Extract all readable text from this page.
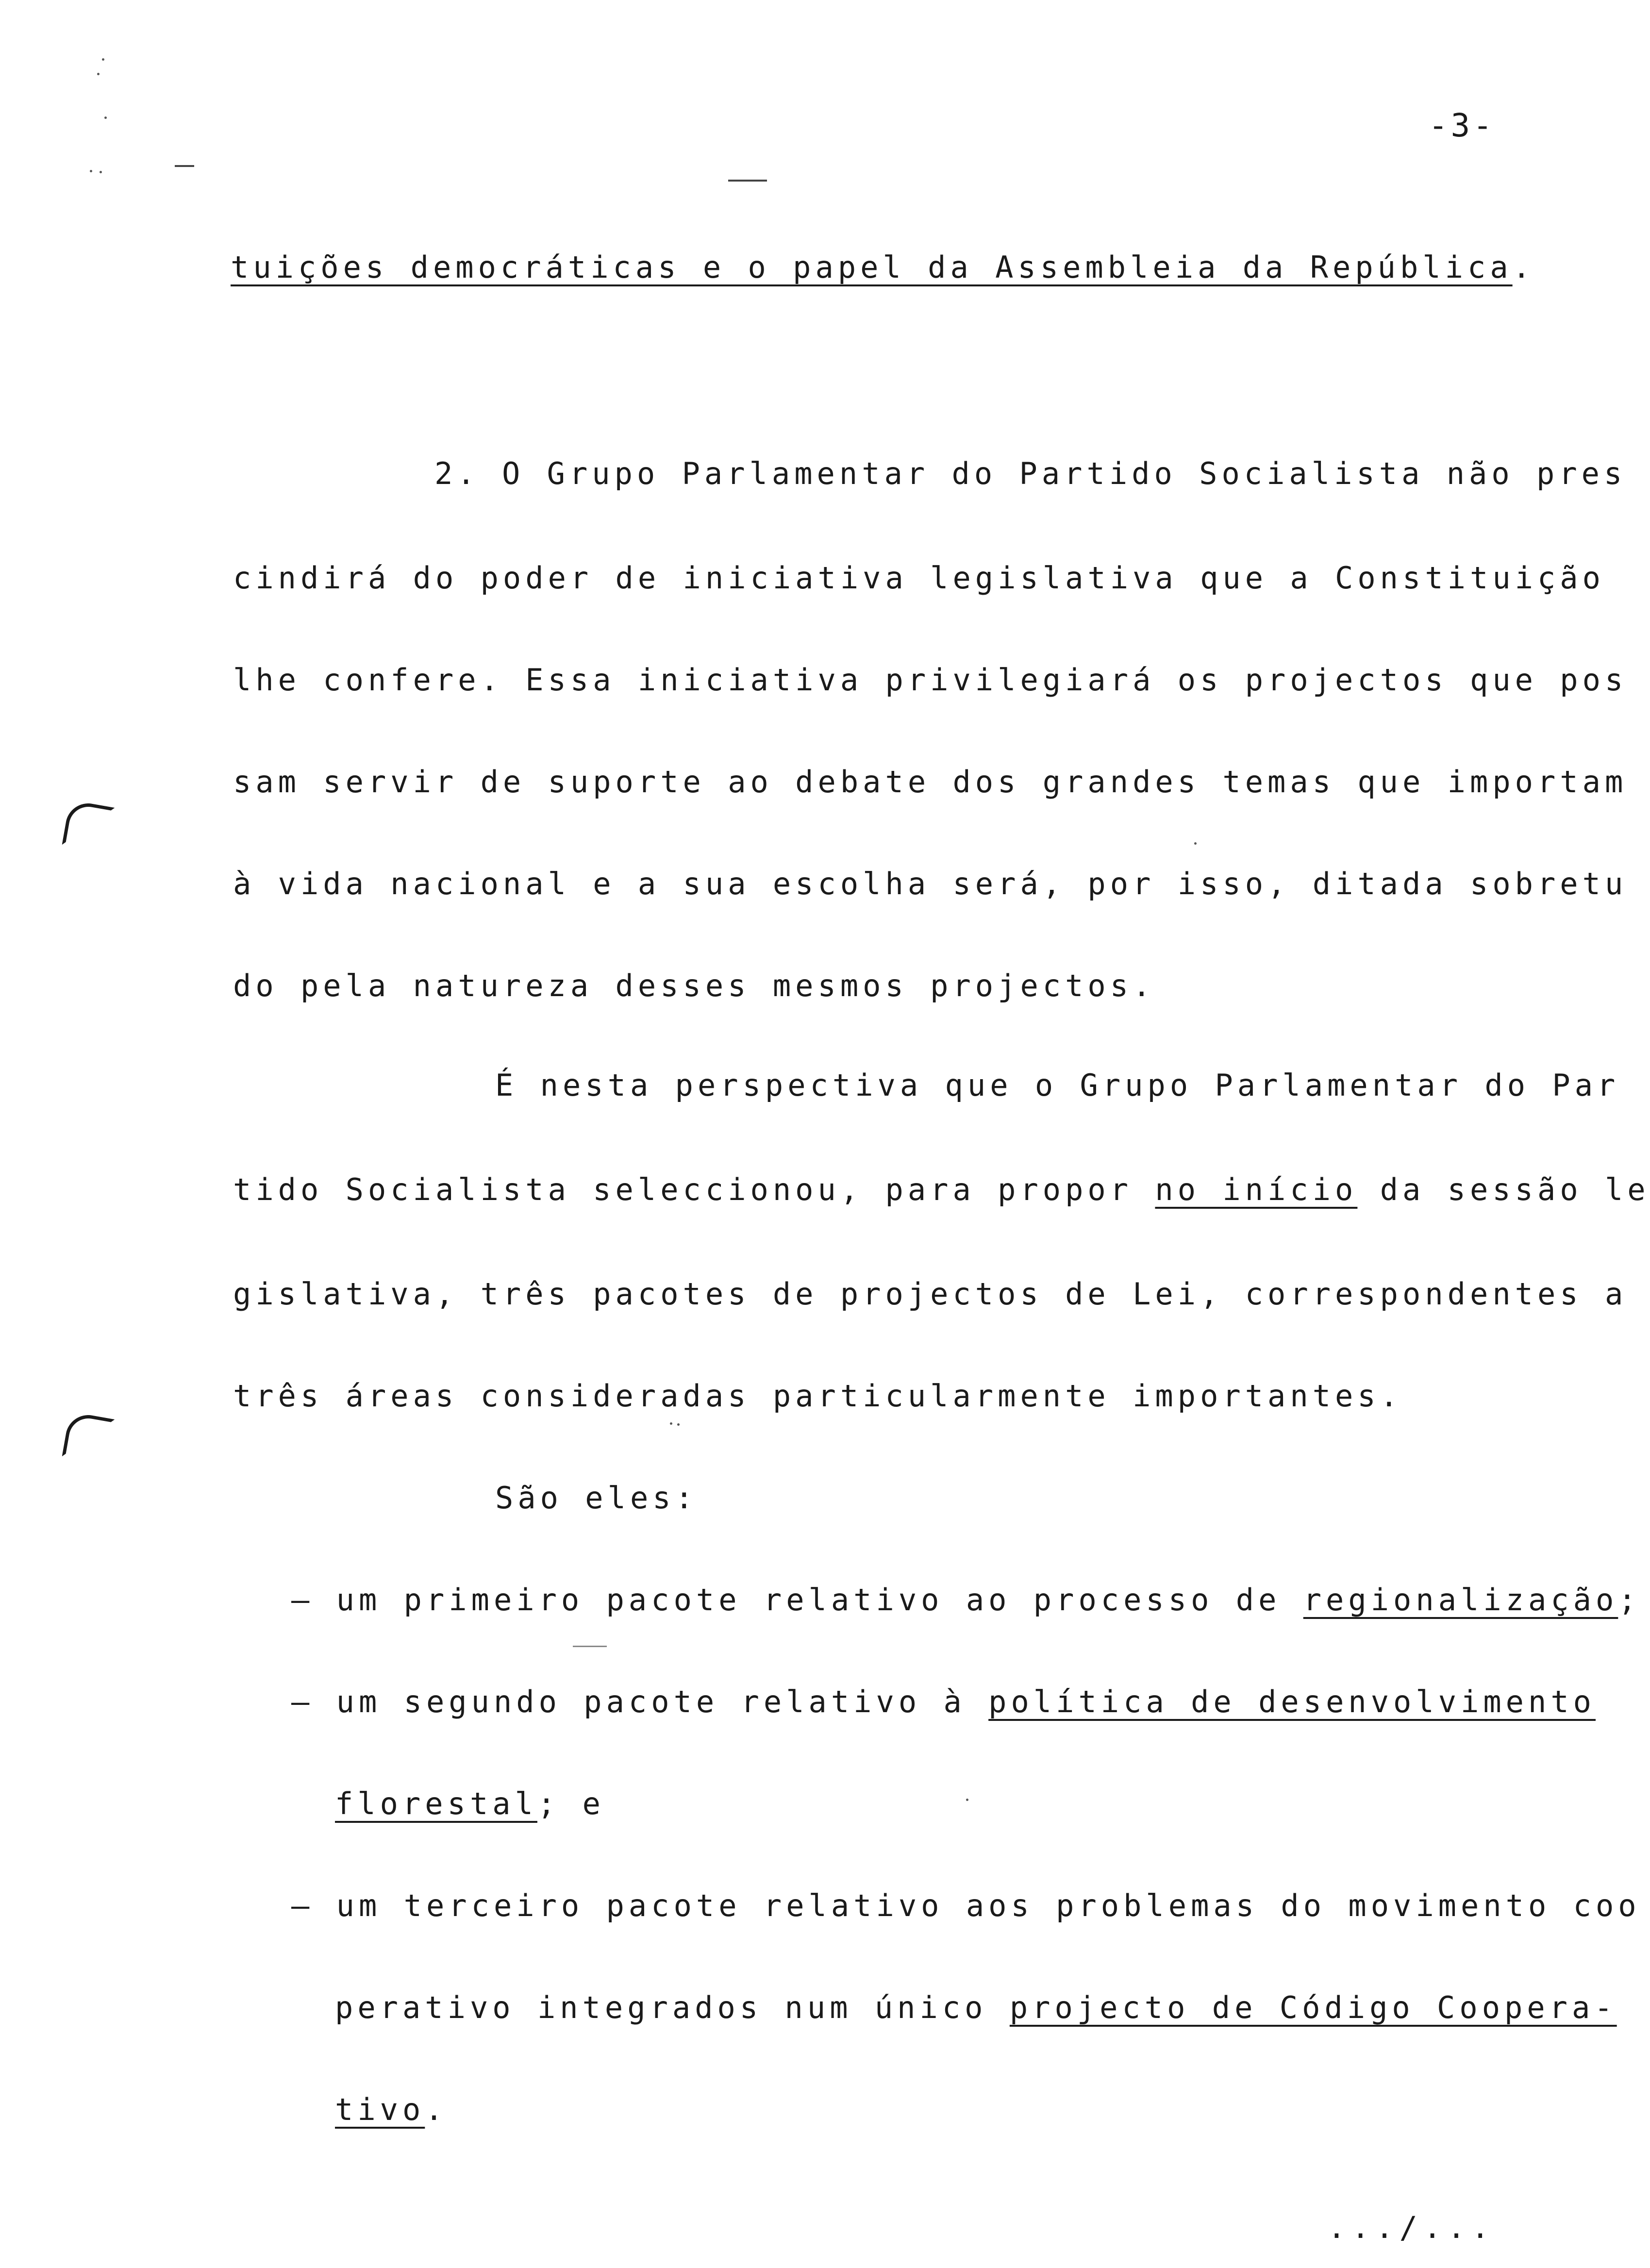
-3-
tuições democráticas e o papel da Assembleia da República.
2. O Grupo Parlamentar do Partido Socialista não pres
cindirá do poder de iniciativa legislativa que a Constituição
lhe confere. Essa iniciativa privilegiará os projectos que pos
sam servir de suporte ao debate dos grandes temas que importam
à vida nacional e a sua escolha será, por isso, ditada sobretu
do pela natureza desses mesmos projectos.
É nesta perspectiva que o Grupo Parlamentar do Par
tido Socialista seleccionou, para propor no início da sessão le
gislativa, três pacotes de projectos de Lei, correspondentes a
três áreas consideradas particularmente importantes.
São eles:
– um primeiro pacote relativo ao processo de regionalização;
– um segundo pacote relativo à política de desenvolvimento
florestal; e
– um terceiro pacote relativo aos problemas do movimento coo
perativo integrados num único projecto de Código Coopera-
tivo.
.../...
